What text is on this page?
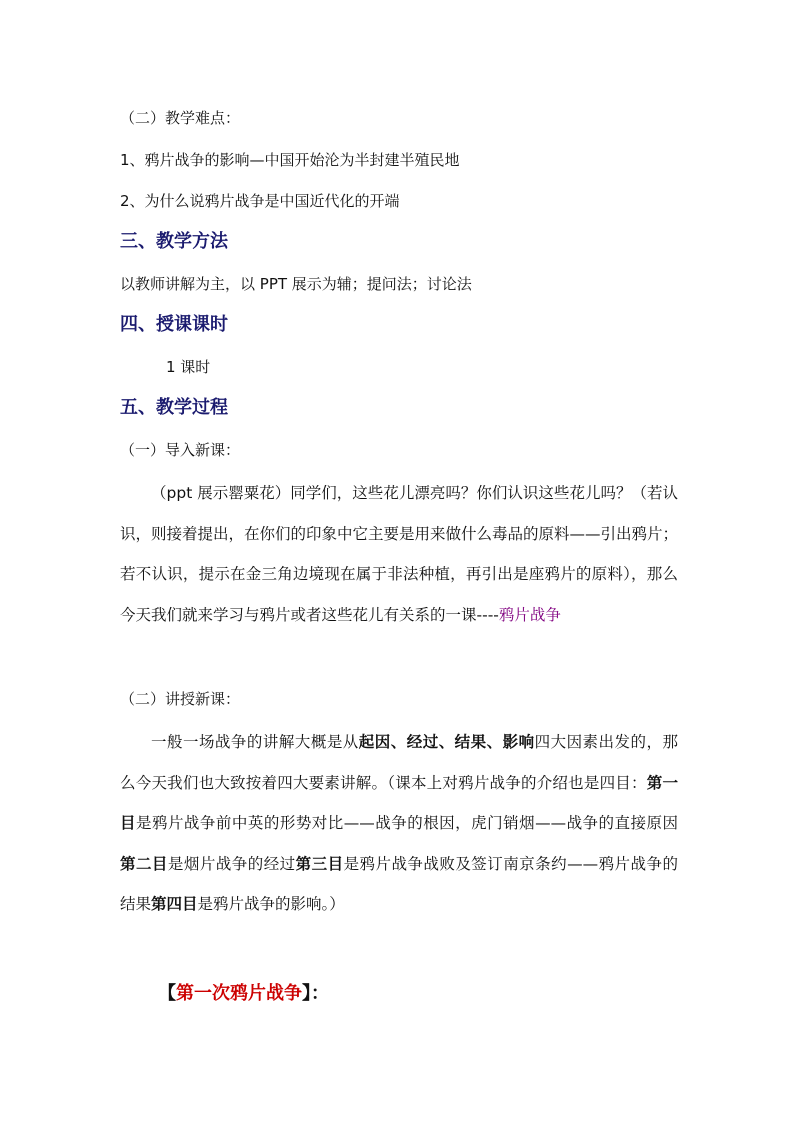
（二）教学难点：
1、鸦片战争的影响—中国开始沦为半封建半殖民地
2、为什么说鸦片战争是中国近代化的开端
三、教学方法
以教师讲解为主，以 PPT 展示为辅；提问法；讨论法
四、授课课时
1 课时
五、教学过程
（一）导入新课：
（ppt 展示罂粟花）同学们，这些花儿漂亮吗？你们认识这些花儿吗？（若认识，则接着提出，在你们的印象中它主要是用来做什么毒品的原料——引出鸦片；若不认识，提示在金三角边境现在属于非法种植，再引出是座鸦片的原料），那么今天我们就来学习与鸦片或者这些花儿有关系的一课----鸦片战争
（二）讲授新课：
一般一场战争的讲解大概是从起因、经过、结果、影响四大因素出发的，那么今天我们也大致按着四大要素讲解。（课本上对鸦片战争的介绍也是四目：第一目是鸦片战争前中英的形势对比——战争的根因，虎门销烟——战争的直接原因第二目是烟片战争的经过第三目是鸦片战争战败及签订南京条约——鸦片战争的结果第四目是鸦片战争的影响。）
【第一次鸦片战争】：
